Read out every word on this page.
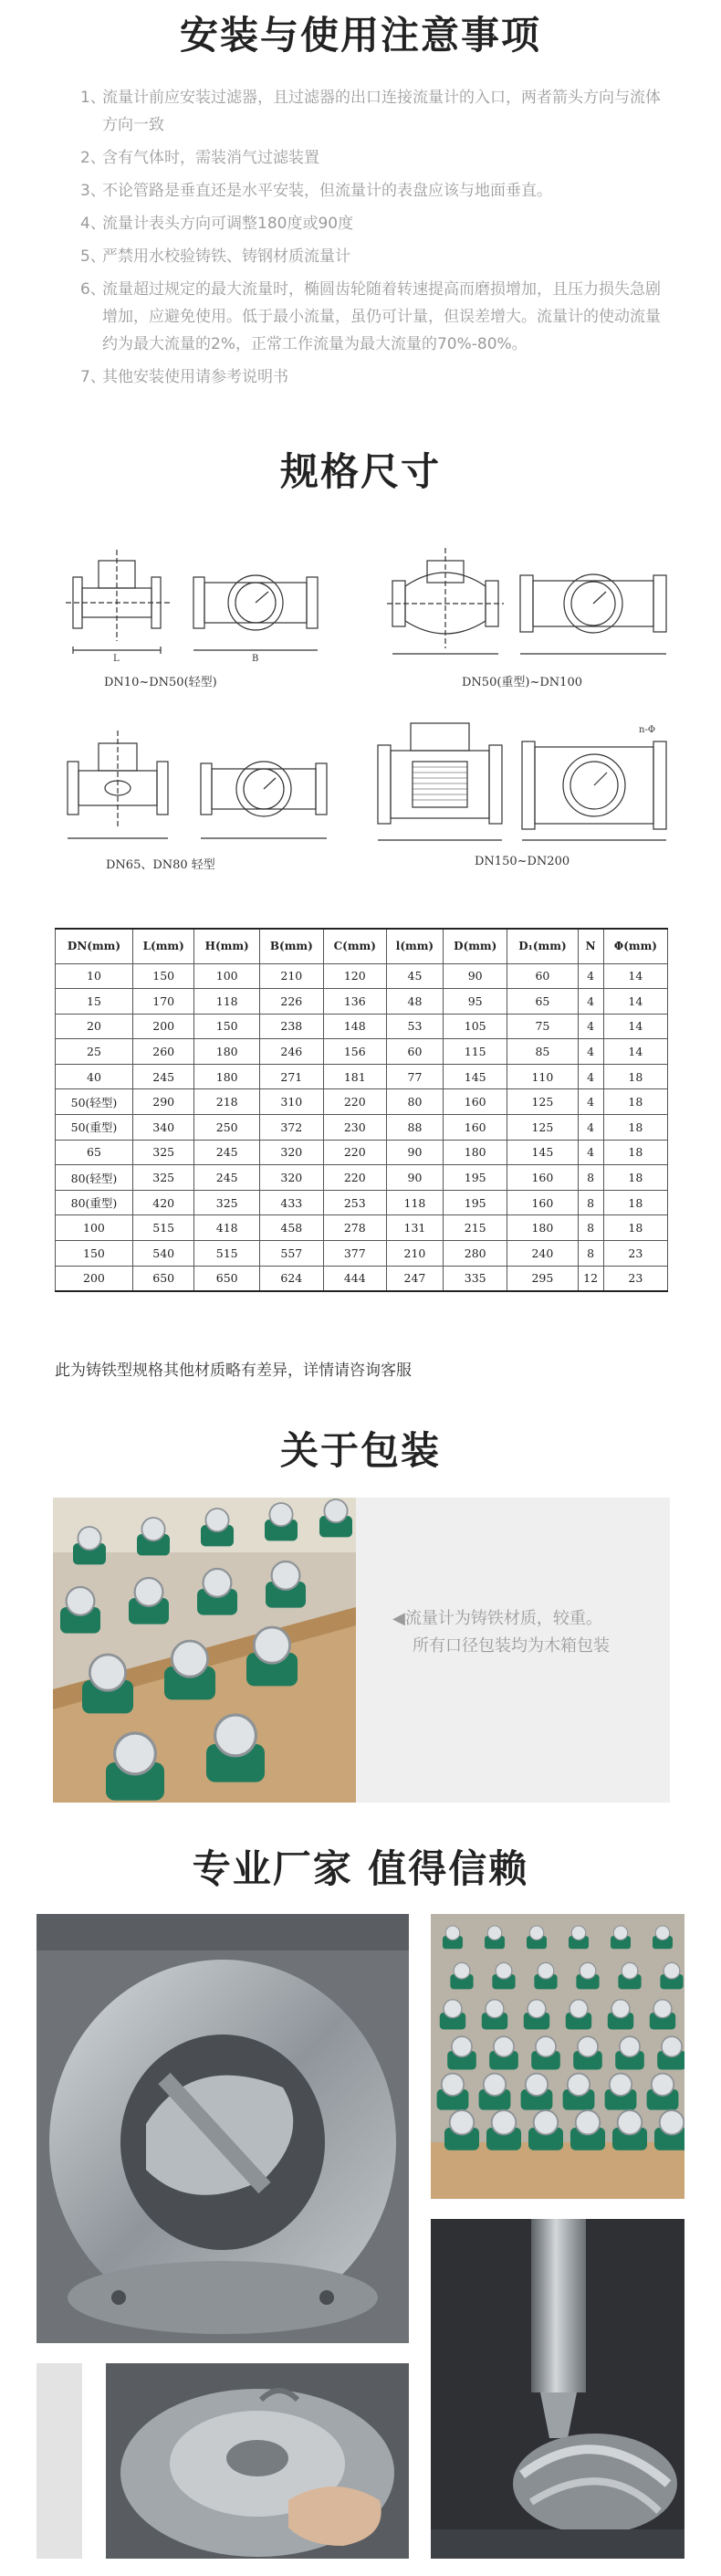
安装与使用注意事项
1、
流量计前应安装过滤器，且过滤器的出口连接流量计的入口，两者箭头方向与流体方向一致
2、
含有气体时，需装消气过滤装置
3、
不论管路是垂直还是水平安装，但流量计的表盘应该与地面垂直。
4、
流量计表头方向可调整180度或90度
5、
严禁用水校验铸铁、铸钢材质流量计
6、
流量超过规定的最大流量时，椭圆齿轮随着转速提高而磨损增加，且压力损失急剧增加，应避免使用。低于最小流量，虽仍可计量，但误差增大。流量计的使动流量约为最大流量的2%，正常工作流量为最大流量的70%-80%。
7、
其他安装使用请参考说明书
规格尺寸
L	B
DN10~DN50(轻型)	DN50(重型)~DN100
DN65、DN80 轻型
n-Φ
DN150~DN200
DN(mm)	L(mm)	H(mm)	B(mm)	C(mm)	l(mm)	D(mm)	D₁(mm)	N	Φ(mm)
10	150	100	210	120	45	90	60	4	14
15	170	118	226	136	48	95	65	4	14
20	200	150	238	148	53	105	75	4	14
25	260	180	246	156	60	115	85	4	14
40	245	180	271	181	77	145	110	4	18
50(轻型)	290	218	310	220	80	160	125	4	18
50(重型)	340	250	372	230	88	160	125	4	18
65	325	245	320	220	90	180	145	4	18
80(轻型)	325	245	320	220	90	195	160	8	18
80(重型)	420	325	433	253	118	195	160	8	18
100	515	418	458	278	131	215	180	8	18
150	540	515	557	377	210	280	240	8	23
200	650	650	624	444	247	335	295	12	23
此为铸铁型规格其他材质略有差异，详情请咨询客服
关于包装
◀流量计为铸铁材质，较重。
所有口径包装均为木箱包装
专业厂家 值得信赖
